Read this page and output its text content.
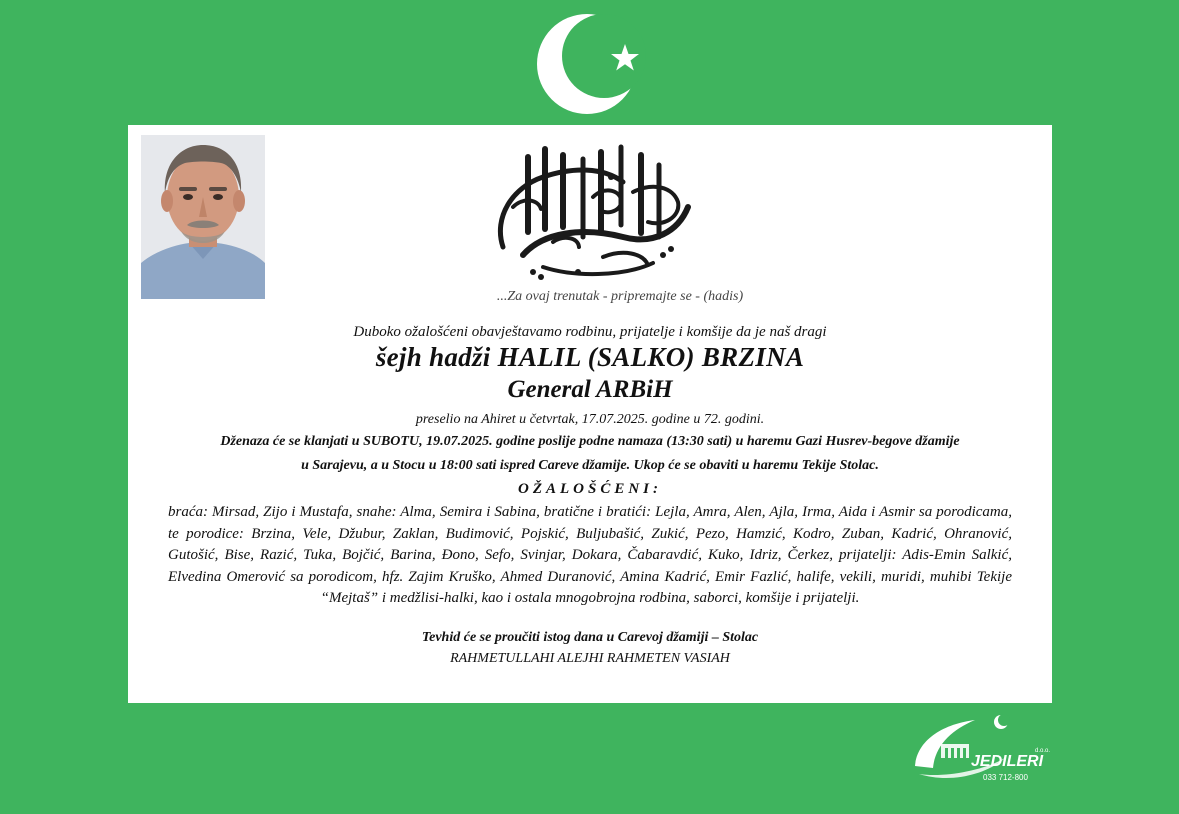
...Za ovaj trenutak - pripremajte se - (hadis)

Duboko ožalošćeni obavještavamo rodbinu, prijatelje i komšije da je naš dragi

šejh hadži HALIL (SALKO) BRZINA

General ARBiH

preselio na Ahiret u četvrtak, 17.07.2025. godine u 72. godini.

Dženaza će se klanjati u SUBOTU, 19.07.2025. godine poslije podne namaza (13:30 sati) u haremu Gazi Husrev-begove džamije

u Sarajevu, a u Stocu u 18:00 sati ispred Careve džamije. Ukop će se obaviti u haremu Tekije Stolac.

OŽALOŠĆENI:

braća: Mirsad, Zijo i Mustafa, snahe: Alma, Semira i Sabina, bratične i bratići: Lejla, Amra, Alen, Ajla, Irma, Aida i Asmir sa porodicama, te porodice: Brzina, Vele, Džubur, Zaklan, Budimović, Pojskić, Buljubašić, Zukić, Pezo, Hamzić, Kodro, Zuban, Kadrić, Ohranović, Gutošić, Bise, Razić, Tuka, Bojčić, Barina, Đono, Sefo, Svinjar, Dokara, Čabaravdić, Kuko, Idriz, Čerkez, prijatelji: Adis-Emin Salkić, Elvedina Omerović sa porodicom, hfz. Zajim Kruško, Ahmed Duranović, Amina Kadrić, Emir Fazlić, halife, vekili, muridi, muhibi Tekije “Mejtaš” i medžlisi-halki, kao i ostala mnogobrojna rodbina, saborci, komšije i prijatelji.

Tevhid će se proučiti istog dana u Carevoj džamiji – Stolac

RAHMETULLAHI ALEJHI RAHMETEN VASIAH

JEDILERI
d.o.o.
033 712-800
